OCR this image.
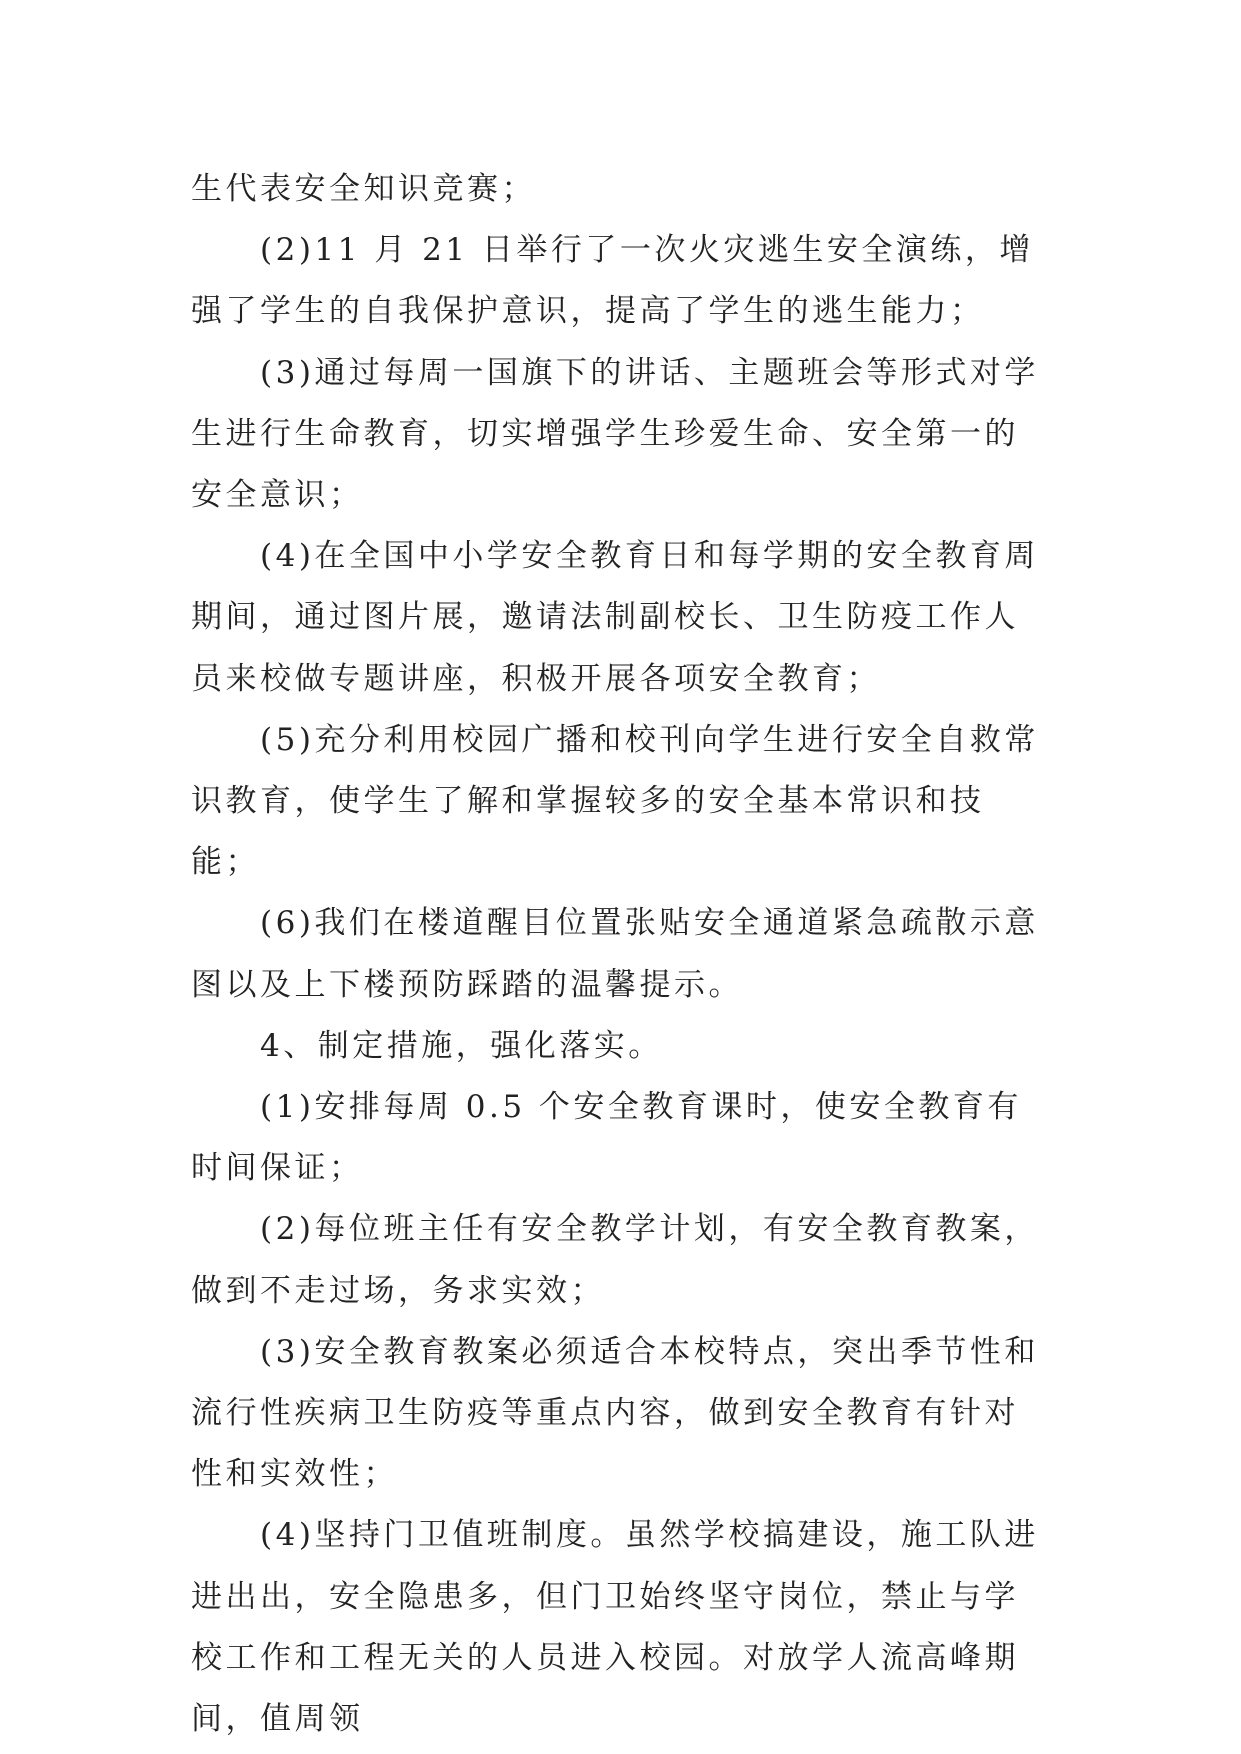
生代表安全知识竞赛；

(2)11 月 21 日举行了一次火灾逃生安全演练，增强了学生的自我保护意识，提高了学生的逃生能力；

(3)通过每周一国旗下的讲话、主题班会等形式对学生进行生命教育，切实增强学生珍爱生命、安全第一的安全意识；

(4)在全国中小学安全教育日和每学期的安全教育周期间，通过图片展，邀请法制副校长、卫生防疫工作人员来校做专题讲座，积极开展各项安全教育；

(5)充分利用校园广播和校刊向学生进行安全自救常识教育，使学生了解和掌握较多的安全基本常识和技能；

(6)我们在楼道醒目位置张贴安全通道紧急疏散示意图以及上下楼预防踩踏的温馨提示。

4、制定措施，强化落实。

(1)安排每周 0.5 个安全教育课时，使安全教育有时间保证；

(2)每位班主任有安全教学计划，有安全教育教案，做到不走过场，务求实效；

(3)安全教育教案必须适合本校特点，突出季节性和流行性疾病卫生防疫等重点内容，做到安全教育有针对性和实效性；

(4)坚持门卫值班制度。虽然学校搞建设，施工队进进出出，安全隐患多，但门卫始终坚守岗位，禁止与学校工作和工程无关的人员进入校园。对放学人流高峰期间，值周领
